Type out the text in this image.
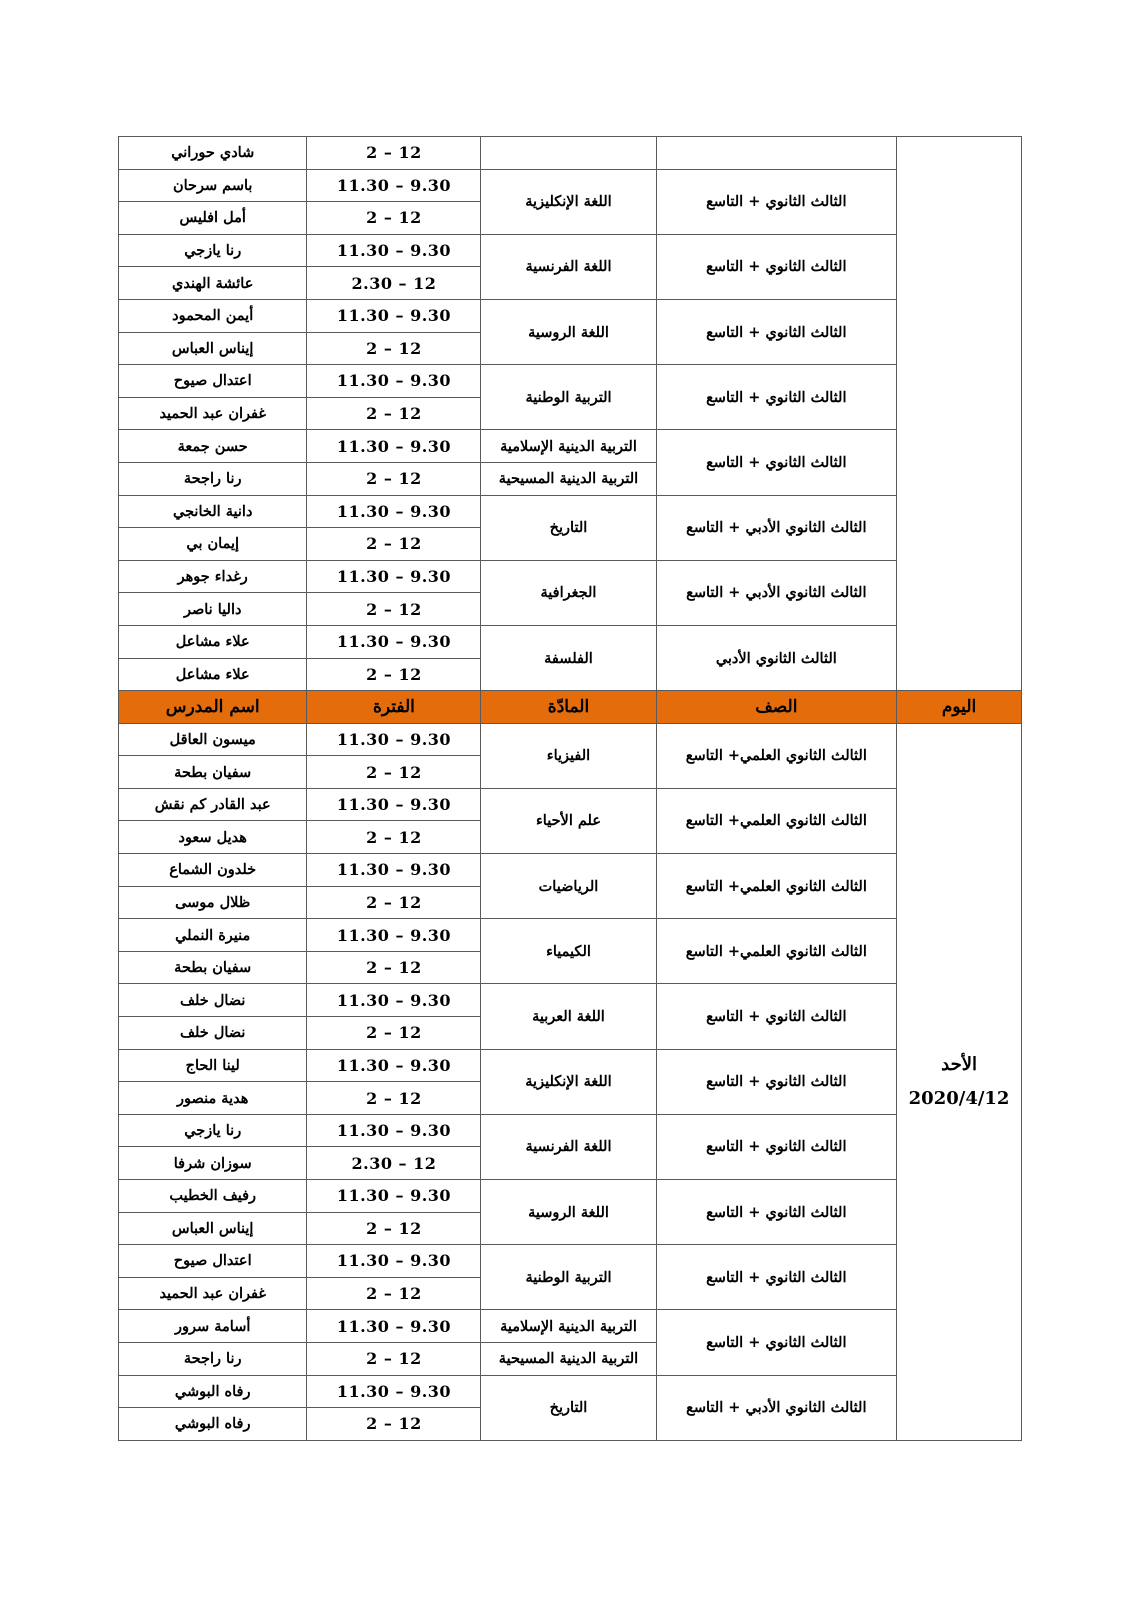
			12 – 2	شادي حوراني
	الثالث الثانوي + التاسع	اللغة الإنكليزية	9.30 – 11.30	باسم سرحان
			12 – 2	أمل افليس
	الثالث الثانوي + التاسع	اللغة الفرنسية	9.30 – 11.30	رنا يازجي
			12 – 2.30	عائشة الهندي
	الثالث الثانوي + التاسع	اللغة الروسية	9.30 – 11.30	أيمن المحمود
			12 – 2	إيناس العباس
	الثالث الثانوي + التاسع	التربية الوطنية	9.30 – 11.30	اعتدال صيوح
			12 – 2	غفران عبد الحميد
	الثالث الثانوي + التاسع	التربية الدينية الإسلامية	9.30 – 11.30	حسن جمعة
		التربية الدينية المسيحية	12 – 2	رنا راجحة
	الثالث الثانوي الأدبي + التاسع	التاريخ	9.30 – 11.30	دانية الخانجي
			12 – 2	إيمان بي
	الثالث الثانوي الأدبي + التاسع	الجغرافية	9.30 – 11.30	رغداء جوهر
			12 – 2	داليا ناصر
	الثالث الثانوي الأدبي	الفلسفة	9.30 – 11.30	علاء مشاعل
			12 – 2	علاء مشاعل
اليوم	الصف	المادّة	الفترة	اسم المدرس

الأحد
2020/4/12	الثالث الثانوي العلمي+ التاسع	الفيزياء	9.30 – 11.30	ميسون العاقل
			12 – 2	سفيان بطحة
	الثالث الثانوي العلمي+ التاسع	علم الأحياء	9.30 – 11.30	عبد القادر كم نقش
			12 – 2	هديل سعود
	الثالث الثانوي العلمي+ التاسع	الرياضيات	9.30 – 11.30	خلدون الشماع
			12 – 2	ظلال موسى
	الثالث الثانوي العلمي+ التاسع	الكيمياء	9.30 – 11.30	منيرة النملي
			12 – 2	سفيان بطحة
	الثالث الثانوي + التاسع	اللغة العربية	9.30 – 11.30	نضال خلف
			12 – 2	نضال خلف
	الثالث الثانوي + التاسع	اللغة الإنكليزية	9.30 – 11.30	لينا الحاج
			12 – 2	هدية منصور
	الثالث الثانوي + التاسع	اللغة الفرنسية	9.30 – 11.30	رنا يازجي
			12 – 2.30	سوزان شرفا
	الثالث الثانوي + التاسع	اللغة الروسية	9.30 – 11.30	رفيف الخطيب
			12 – 2	إيناس العباس
	الثالث الثانوي + التاسع	التربية الوطنية	9.30 – 11.30	اعتدال صيوح
			12 – 2	غفران عبد الحميد
	الثالث الثانوي + التاسع	التربية الدينية الإسلامية	9.30 – 11.30	أسامة سرور
		التربية الدينية المسيحية	12 – 2	رنا راجحة
	الثالث الثانوي الأدبي + التاسع	التاريخ	9.30 – 11.30	رفاه البوشي
			12 – 2	رفاه البوشي
